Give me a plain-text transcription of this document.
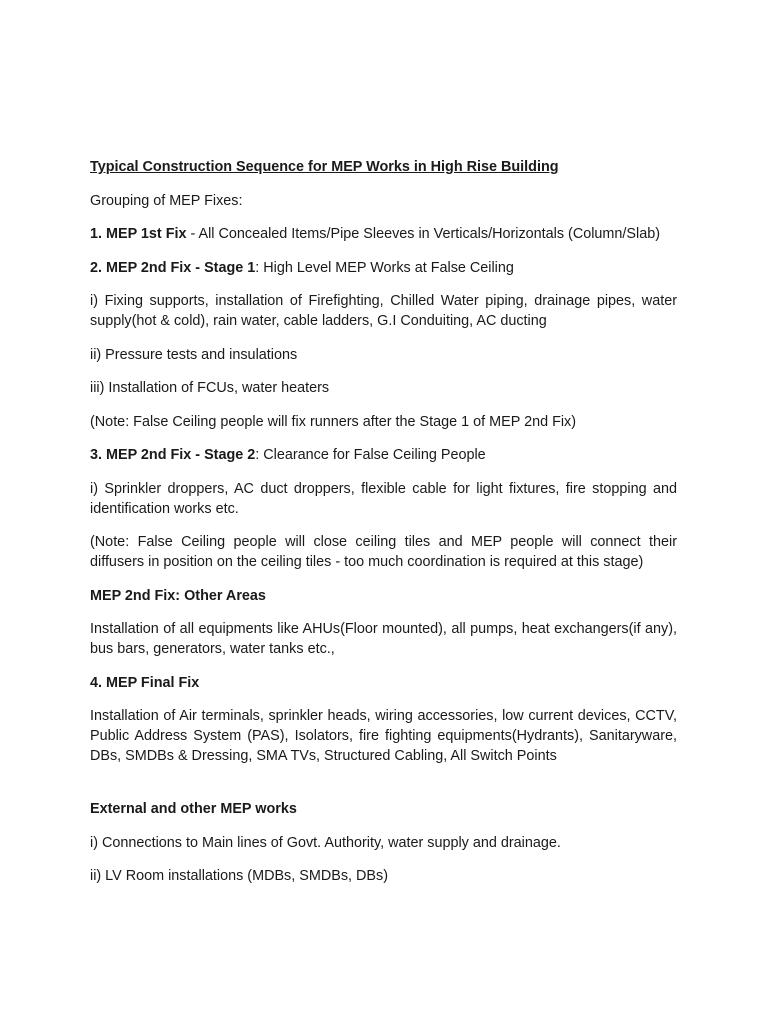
Typical Construction Sequence for MEP Works in High Rise Building

Grouping of MEP Fixes:

1. MEP 1st Fix - All Concealed Items/Pipe Sleeves in Verticals/Horizontals (Column/Slab)

2. MEP 2nd Fix - Stage 1: High Level MEP Works at False Ceiling

i) Fixing supports, installation of Firefighting, Chilled Water piping, drainage pipes, water supply(hot & cold), rain water, cable ladders, G.I Conduiting, AC ducting

ii) Pressure tests and insulations

iii) Installation of FCUs, water heaters

(Note: False Ceiling people will fix runners after the Stage 1 of MEP 2nd Fix)

3. MEP 2nd Fix - Stage 2: Clearance for False Ceiling People

i) Sprinkler droppers, AC duct droppers, flexible cable for light fixtures, fire stopping and identification works etc.

(Note: False Ceiling people will close ceiling tiles and MEP people will connect their diffusers in position on the ceiling tiles - too much coordination is required at this stage)

MEP 2nd Fix: Other Areas

Installation of all equipments like AHUs(Floor mounted), all pumps, heat exchangers(if any), bus bars, generators, water tanks etc.,

4. MEP Final Fix

Installation of Air terminals, sprinkler heads, wiring accessories, low current devices, CCTV, Public Address System (PAS), Isolators, fire fighting equipments(Hydrants), Sanitaryware, DBs, SMDBs & Dressing, SMA TVs, Structured Cabling, All Switch Points

External and other MEP works

i) Connections to Main lines of Govt. Authority, water supply and drainage.

ii) LV Room installations (MDBs, SMDBs, DBs)
